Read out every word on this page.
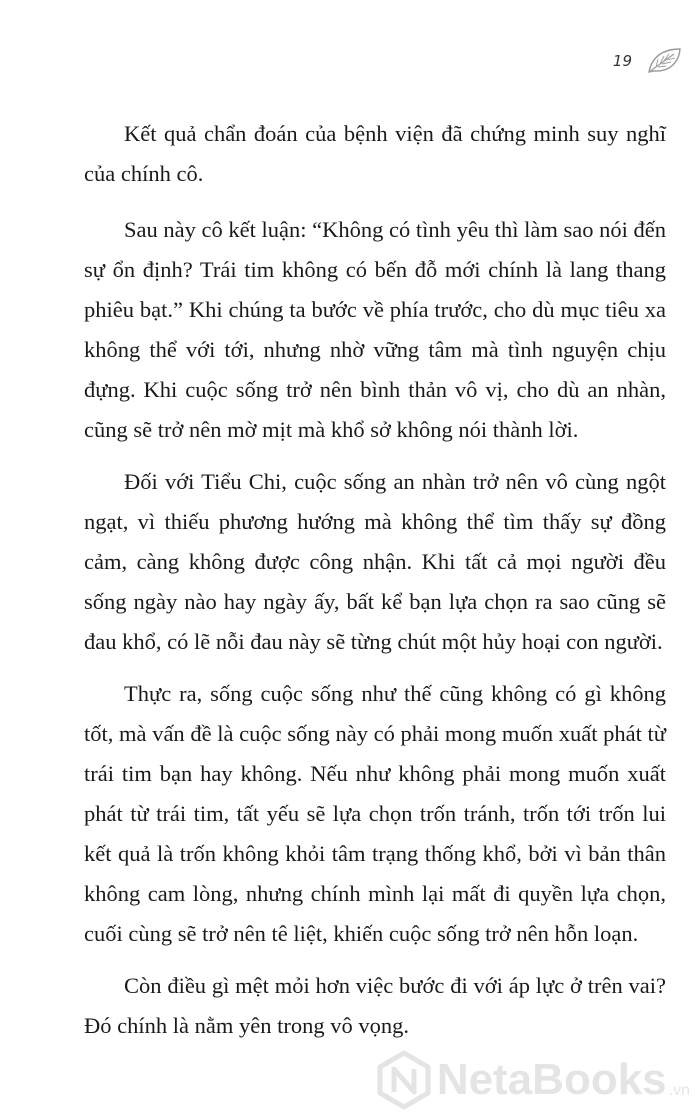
19

Kết quả chẩn đoán của bệnh viện đã chứng minh suy nghĩ của chính cô.

Sau này cô kết luận: “Không có tình yêu thì làm sao nói đến sự ổn định? Trái tim không có bến đỗ mới chính là lang thang phiêu bạt.” Khi chúng ta bước về phía trước, cho dù mục tiêu xa không thể với tới, nhưng nhờ vững tâm mà tình nguyện chịu đựng. Khi cuộc sống trở nên bình thản vô vị, cho dù an nhàn, cũng sẽ trở nên mờ mịt mà khổ sở không nói thành lời.

Đối với Tiểu Chi, cuộc sống an nhàn trở nên vô cùng ngột ngạt, vì thiếu phương hướng mà không thể tìm thấy sự đồng cảm, càng không được công nhận. Khi tất cả mọi người đều sống ngày nào hay ngày ấy, bất kể bạn lựa chọn ra sao cũng sẽ đau khổ, có lẽ nỗi đau này sẽ từng chút một hủy hoại con người.

Thực ra, sống cuộc sống như thế cũng không có gì không tốt, mà vấn đề là cuộc sống này có phải mong muốn xuất phát từ trái tim bạn hay không. Nếu như không phải mong muốn xuất phát từ trái tim, tất yếu sẽ lựa chọn trốn tránh, trốn tới trốn lui kết quả là trốn không khỏi tâm trạng thống khổ, bởi vì bản thân không cam lòng, nhưng chính mình lại mất đi quyền lựa chọn, cuối cùng sẽ trở nên tê liệt, khiến cuộc sống trở nên hỗn loạn.

Còn điều gì mệt mỏi hơn việc bước đi với áp lực ở trên vai? Đó chính là nằm yên trong vô vọng.

NetaBooks .vn
